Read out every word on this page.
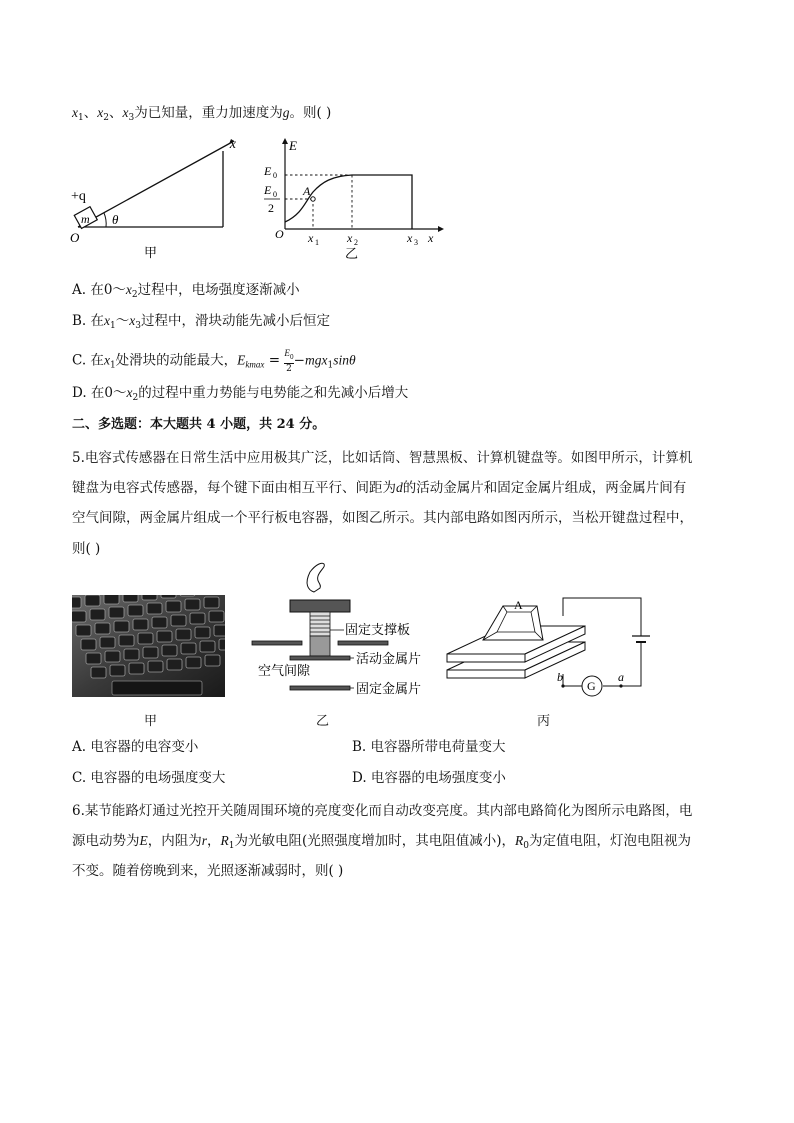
$x_1$、$x_2$、$x_3$为已知量，重力加速度为g。则( )
x
+q
m θ
O
甲
E
E 0
E 0
2
A
O x 1 x 2	x 3 x
乙
A. 在$0\sim x_2$过程中，电场强度逐渐减小
B. 在$x_1\sim x_3$过程中，滑块动能先减小后恒定
C. 在$x_1$处滑块的动能最大，$E_{kmax} = E_0$

2
−mgx$_1$sinθ
D. 在$0\sim x_2$的过程中重力势能与电势能之和先减小后增大
二、多选题：本大题共 4 小题，共 24 分。
5.电容式传感器在日常生活中应用极其广泛，比如话筒、智慧黑板、计算机键盘等。如图甲所示，计算机
键盘为电容式传感器，每个键下面由相互平行、间距为d的活动金属片和固定金属片组成，两金属片间有
空气间隙，两金属片组成一个平行板电容器，如图乙所示。其内部电路如图丙所示，当松开键盘过程中，
则( )
固定支撑板
活动金属片
空气间隙
固定金属片
A
G
b	a
甲	乙	丙
A. 电容器的电容变小	B. 电容器所带电荷量变大
C. 电容器的电场强度变大	D. 电容器的电场强度变小
6.某节能路灯通过光控开关随周围环境的亮度变化而自动改变亮度。其内部电路简化为图所示电路图，电
源电动势为E，内阻为r，$R_1$为光敏电阻(光照强度增加时，其电阻值减小)，$R_0$为定值电阻，灯泡电阻视为
不变。随着傍晚到来，光照逐渐减弱时，则( )
